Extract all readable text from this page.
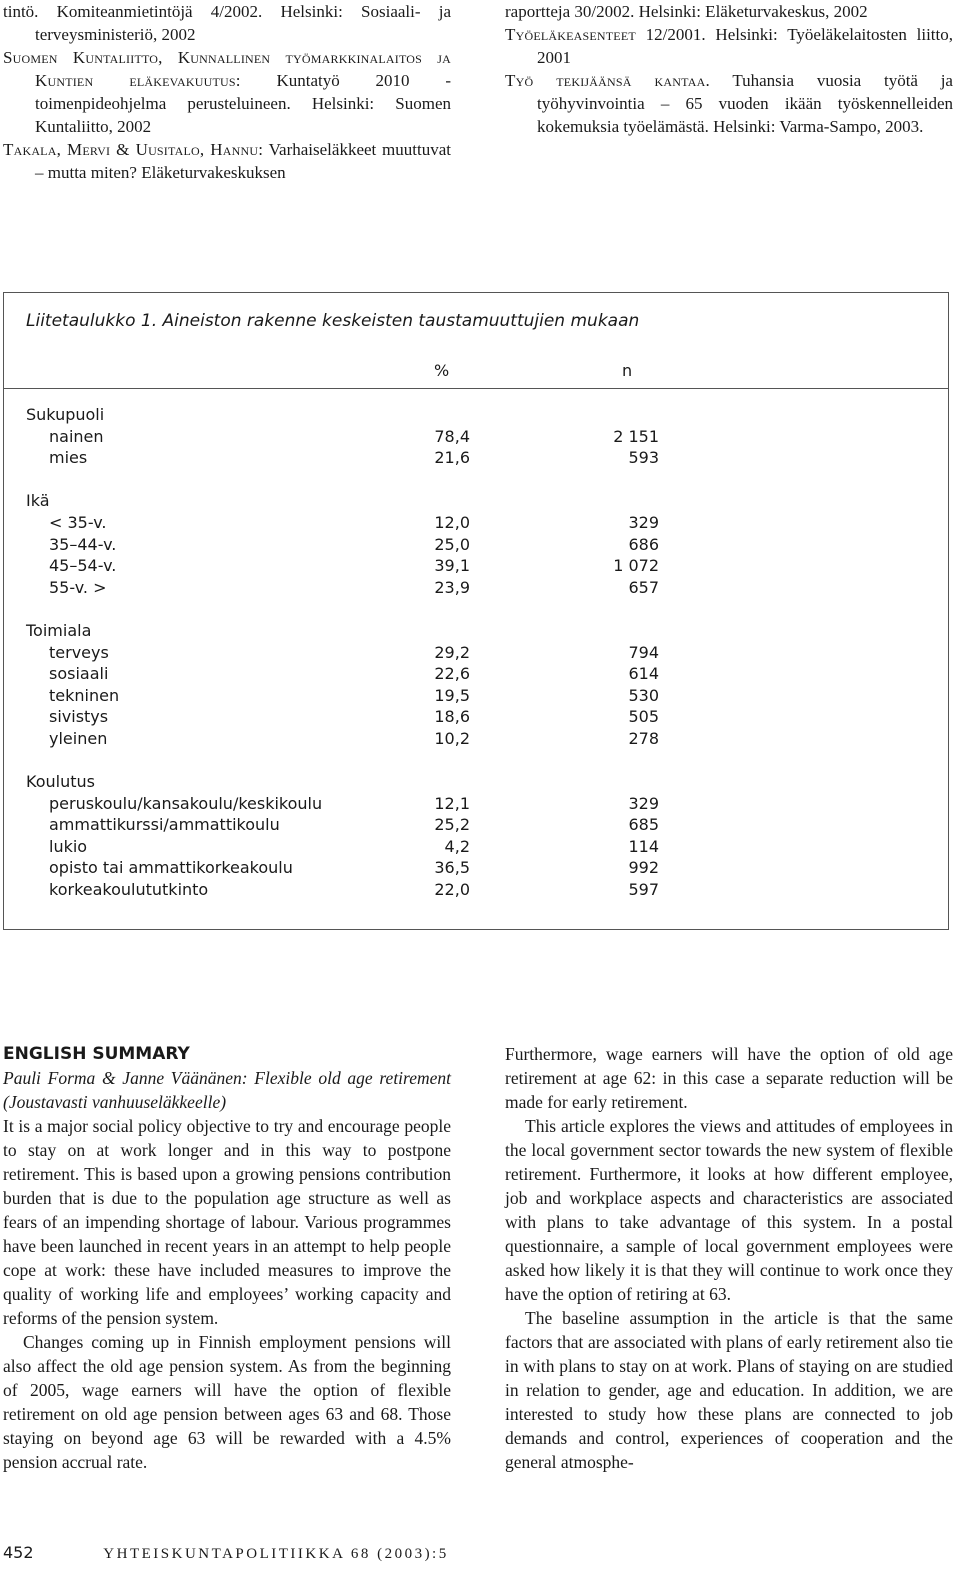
tintö. Komiteanmietintöjä 4/2002. Helsinki: Sosiaali- ja terveysministeriö, 2002

Suomen Kuntaliitto, Kunnallinen työmarkkinalaitos ja Kuntien eläkevakuutus: Kuntatyö 2010 -toimenpideohjelma perusteluineen. Helsinki: Suomen Kuntaliitto, 2002

Takala, Mervi & Uusitalo, Hannu: Varhaiseläkkeet muuttuvat – mutta miten? Eläketurvakeskuksen

raportteja 30/2002. Helsinki: Eläketurvakeskus, 2002

Työeläkeasenteet 12/2001. Helsinki: Työeläkelaitosten liitto, 2001

Työ tekijäänsä kantaa. Tuhansia vuosia työtä ja työhyvinvointia – 65 vuoden ikään työskennelleiden kokemuksia työelämästä. Helsinki: Varma-Sampo, 2003.

Liitetaulukko 1. Aineiston rakenne keskeisten taustamuuttujien mukaan
%	n
Sukupuoli
nainen	78,4	2 151
mies	21,6	593
Ikä
< 35-v.	12,0	329
35–44-v.	25,0	686
45–54-v.	39,1	1 072
55-v. >	23,9	657
Toimiala
terveys	29,2	794
sosiaali	22,6	614
tekninen	19,5	530
sivistys	18,6	505
yleinen	10,2	278
Koulutus
peruskoulu/kansakoulu/keskikoulu	12,1	329
ammattikurssi/ammattikoulu	25,2	685
lukio	4,2	114
opisto tai ammattikorkeakoulu	36,5	992
korkeakoulututkinto	22,0	597

ENGLISH SUMMARY

Pauli Forma & Janne Väänänen: Flexible old age retirement (Joustavasti vanhuuseläkkeelle)

It is a major social policy objective to try and encourage people to stay on at work longer and in this way to postpone retirement. This is based upon a growing pensions contribution burden that is due to the population age structure as well as fears of an impending shortage of labour. Various programmes have been launched in recent years in an attempt to help people cope at work: these have included measures to improve the quality of working life and employees’ working capacity and reforms of the pension system.

Changes coming up in Finnish employment pensions will also affect the old age pension system. As from the beginning of 2005, wage earners will have the option of flexible retirement on old age pension between ages 63 and 68. Those staying on beyond age 63 will be rewarded with a 4.5% pension accrual rate.

Furthermore, wage earners will have the option of old age retirement at age 62: in this case a separate reduction will be made for early retirement.

This article explores the views and attitudes of employees in the local government sector towards the new system of flexible retirement. Furthermore, it looks at how different employee, job and workplace aspects and characteristics are associated with plans to take advantage of this system. In a postal questionnaire, a sample of local government employees were asked how likely it is that they will continue to work once they have the option of retiring at 63.

The baseline assumption in the article is that the same factors that are associated with plans of early retirement also tie in with plans to stay on at work. Plans of staying on are studied in relation to gender, age and education. In addition, we are interested to study how these plans are connected to job demands and control, experiences of cooperation and the general atmosphe-

452	YHTEISKUNTAPOLITIIKKA 68 (2003):5
